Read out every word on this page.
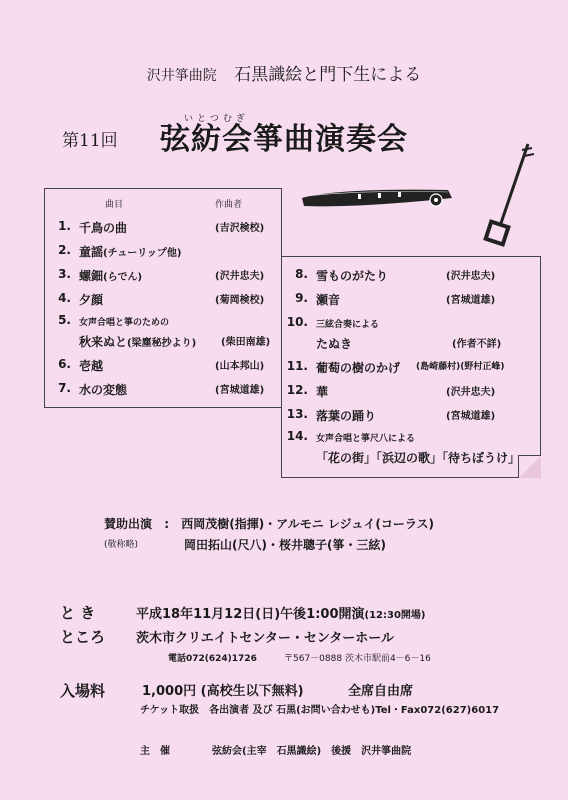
沢井箏曲院 石黒識絵と門下生による
いとつむぎ
第11回 弦紡会箏曲演奏会
曲目	作曲者
1. 千鳥の曲	(吉沢検校)
2. 童謡(チューリップ他)
3. 螺鈿(らでん)	(沢井忠夫)
4. 夕顔	(菊岡検校)
5. 女声合唱と箏のための
秋来ぬと(梁塵秘抄より) (柴田南雄)
6. 壱越	(山本邦山)
7. 水の変態	(宮城道雄)
8. 雪ものがたり	(沢井忠夫)
9. 瀬音	(宮城道雄)
10. 三絃合奏による
たぬき	(作者不詳)
11. 葡萄の樹のかげ (島崎藤村)(野村正峰)
12. 華	(沢井忠夫)
13. 落葉の踊り	(宮城道雄)
14. 女声合唱と箏尺八による
「花の街」「浜辺の歌」「待ちぼうけ」
賛助出演 : 西岡茂樹(指揮)・アルモニ レジュイ(コーラス)
(敬称略)	岡田拓山(尺八)・桜井聰子(箏・三絃)
と き	平成18年11月12日(日)午後1:00開演(12:30開場)
ところ 茨木市クリエイトセンター・センターホール
電話072(624)1726	〒567－0888 茨木市駅前4－6－16
入場料	1,000円 (高校生以下無料)	全席自由席
チケット取扱　各出演者 及び 石黒(お問い合わせも)Tel・Fax072(627)6017
主　催	弦紡会(主宰　石黒識絵)　後援　沢井箏曲院
